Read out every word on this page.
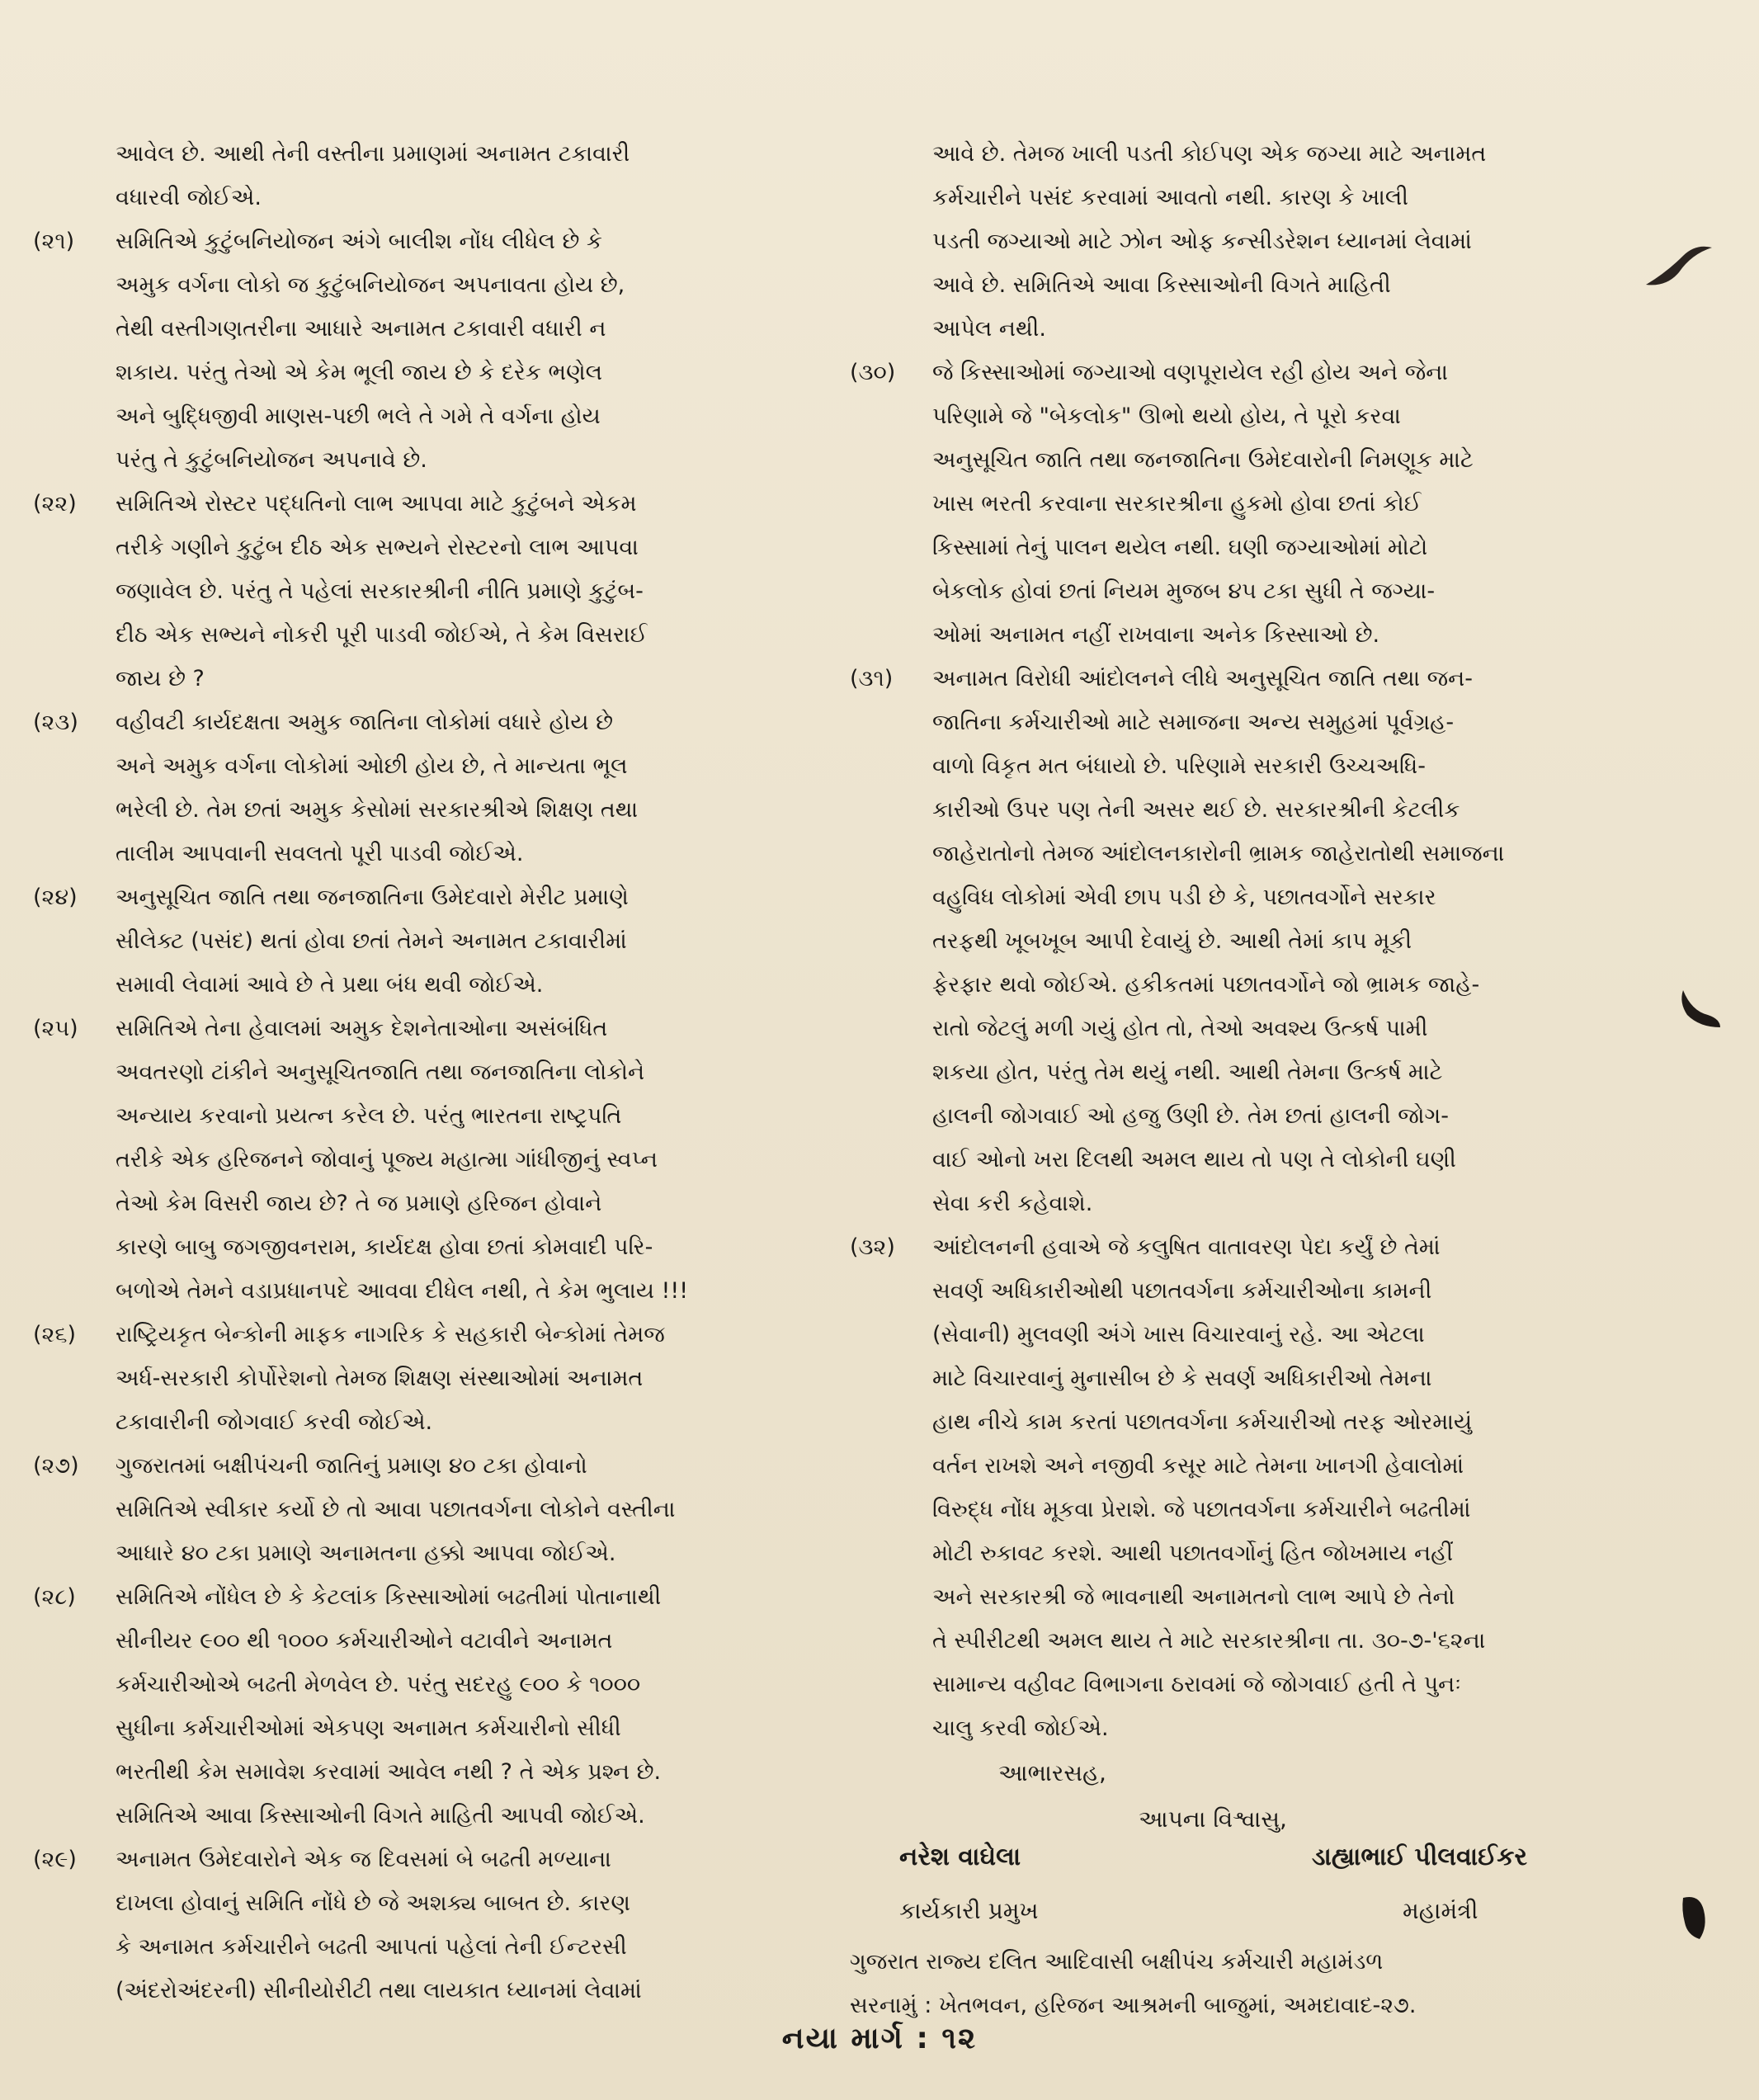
આવેલ છે. આથી તેની વસ્તીના પ્રમાણમાં અનામત ટકાવારી
વધારવી જોઈએ.
(૨૧)	સમિતિએ કુટુંબનિયોજન અંગે બાલીશ નોંધ લીધેલ છે કે
અમુક વર્ગના લોકો જ કુટુંબનિયોજન અપનાવતા હોય છે,
તેથી વસ્તીગણતરીના આધારે અનામત ટકાવારી વધારી ન
શકાય. પરંતુ તેઓ એ કેમ ભૂલી જાય છે કે દરેક ભણેલ
અને બુદ્ધિજીવી માણસ-પછી ભલે તે ગમે તે વર્ગના હોય
પરંતુ તે કુટુંબનિયોજન અપનાવે છે.
(૨૨)	સમિતિએ રોસ્ટર પદ્ધતિનો લાભ આપવા માટે કુટુંબને એકમ
તરીકે ગણીને કુટુંબ દીઠ એક સભ્યને રોસ્ટરનો લાભ આપવા
જણાવેલ છે. પરંતુ તે પહેલાં સરકારશ્રીની નીતિ પ્રમાણે કુટુંબ-
દીઠ એક સભ્યને નોકરી પૂરી પાડવી જોઈએ, તે કેમ વિસરાઈ
જાય છે ?
(૨૩)	વહીવટી કાર્યદક્ષતા અમુક જાતિના લોકોમાં વધારે હોય છે
અને અમુક વર્ગના લોકોમાં ઓછી હોય છે, તે માન્યતા ભૂલ
ભરેલી છે. તેમ છતાં અમુક કેસોમાં સરકારશ્રીએ શિક્ષણ તથા
તાલીમ આપવાની સવલતો પૂરી પાડવી જોઈએ.
(૨૪)	અનુસૂચિત જાતિ તથા જનજાતિના ઉમેદવારો મેરીટ પ્રમાણે
સીલેક્ટ (પસંદ) થતાં હોવા છતાં તેમને અનામત ટકાવારીમાં
સમાવી લેવામાં આવે છે તે પ્રથા બંધ થવી જોઈએ.
(૨૫)	સમિતિએ તેના હેવાલમાં અમુક દેશનેતાઓના અસંબંધિત
અવતરણો ટાંકીને અનુસૂચિતજાતિ તથા જનજાતિના લોકોને
અન્યાય કરવાનો પ્રયત્ન કરેલ છે. પરંતુ ભારતના રાષ્ટ્રપતિ
તરીકે એક હરિજનને જોવાનું પૂજ્ય મહાત્મા ગાંધીજીનું સ્વપ્ન
તેઓ કેમ વિસરી જાય છે? તે જ પ્રમાણે હરિજન હોવાને
કારણે બાબુ જગજીવનરામ, કાર્યદક્ષ હોવા છતાં કોમવાદી પરિ-
બળોએ તેમને વડાપ્રધાનપદે આવવા દીધેલ નથી, તે કેમ ભુલાય !!!
(૨૬)	રાષ્ટ્રિયકૃત બેન્કોની માફક નાગરિક કે સહકારી બેન્કોમાં તેમજ
અર્ધ-સરકારી કોર્પોરેશનો તેમજ શિક્ષણ સંસ્થાઓમાં અનામત
ટકાવારીની જોગવાઈ કરવી જોઈએ.
(૨૭)	ગુજરાતમાં બક્ષીપંચની જાતિનું પ્રમાણ ૪૦ ટકા હોવાનો
સમિતિએ સ્વીકાર કર્યો છે તો આવા પછાતવર્ગના લોકોને વસ્તીના
આધારે ૪૦ ટકા પ્રમાણે અનામતના હક્કો આપવા જોઈએ.
(૨૮)	સમિતિએ નોંધેલ છે કે કેટલાંક કિસ્સાઓમાં બઢતીમાં પોતાનાથી
સીનીયર ૯૦૦ થી ૧૦૦૦ કર્મચારીઓને વટાવીને અનામત
કર્મચારીઓએ બઢતી મેળવેલ છે. પરંતુ સદરહુ ૯૦૦ કે ૧૦૦૦
સુધીના કર્મચારીઓમાં એકપણ અનામત કર્મચારીનો સીધી
ભરતીથી કેમ સમાવેશ કરવામાં આવેલ નથી ? તે એક પ્રશ્ન છે.
સમિતિએ આવા કિસ્સાઓની વિગતે માહિતી આપવી જોઈએ.
(૨૯)	અનામત ઉમેદવારોને એક જ દિવસમાં બે બઢતી મળ્યાના
દાખલા હોવાનું સમિતિ નોંધે છે જે અશક્ય બાબત છે. કારણ
કે અનામત કર્મચારીને બઢતી આપતાં પહેલાં તેની ઈન્ટરસી
(અંદરોઅંદરની) સીનીયોરીટી તથા લાયકાત ધ્યાનમાં લેવામાં
આવે છે. તેમજ ખાલી પડતી કોઈપણ એક જગ્યા માટે અનામત
કર્મચારીને પસંદ કરવામાં આવતો નથી. કારણ કે ખાલી
પડતી જગ્યાઓ માટે ઝોન ઓફ કન્સીડરેશન ધ્યાનમાં લેવામાં
આવે છે. સમિતિએ આવા કિસ્સાઓની વિગતે માહિતી
આપેલ નથી.
(૩૦)	જે કિસ્સાઓમાં જગ્યાઓ વણપૂરાયેલ રહી હોય અને જેના
પરિણામે જે "બેકલોક" ઊભો થયો હોય, તે પૂરો કરવા
અનુસૂચિત જાતિ તથા જનજાતિના ઉમેદવારોની નિમણૂક માટે
ખાસ ભરતી કરવાના સરકારશ્રીના હુકમો હોવા છતાં કોઈ
કિસ્સામાં તેનું પાલન થયેલ નથી. ઘણી જગ્યાઓમાં મોટો
બેકલોક હોવાં છતાં નિયમ મુજબ ૪૫ ટકા સુધી તે જગ્યા-
ઓમાં અનામત નહીં રાખવાના અનેક કિસ્સાઓ છે.
(૩૧)	અનામત વિરોધી આંદોલનને લીધે અનુસૂચિત જાતિ તથા જન-
જાતિના કર્મચારીઓ માટે સમાજના અન્ય સમુહમાં પૂર્વગ્રહ-
વાળો વિકૃત મત બંધાયો છે. પરિણામે સરકારી ઉચ્ચઅધિ-
કારીઓ ઉપર પણ તેની અસર થઈ છે. સરકારશ્રીની કેટલીક
જાહેરાતોનો તેમજ આંદોલનકારોની ભ્રામક જાહેરાતોથી સમાજના
વહુવિધ લોકોમાં એવી છાપ પડી છે કે, પછાતવર્ગોને સરકાર
તરફથી ખૂબખૂબ આપી દેવાયું છે. આથી તેમાં કાપ મૂકી
ફેરફાર થવો જોઈએ. હકીકતમાં પછાતવર્ગોને જો ભ્રામક જાહે-
રાતો જેટલું મળી ગયું હોત તો, તેઓ અવશ્ય ઉત્કર્ષ પામી
શકયા હોત, પરંતુ તેમ થયું નથી. આથી તેમના ઉત્કર્ષ માટે
હાલની જોગવાઈ ઓ હજુ ઉણી છે. તેમ છતાં હાલની જોગ-
વાઈ ઓનો ખરા દિલથી અમલ થાય તો પણ તે લોકોની ઘણી
સેવા કરી કહેવાશે.
(૩૨)	આંદોલનની હવાએ જે કલુષિત વાતાવરણ પેદા કર્યું છે તેમાં
સવર્ણ અધિકારીઓથી પછાતવર્ગના કર્મચારીઓના કામની
(સેવાની) મુલવણી અંગે ખાસ વિચારવાનું રહે. આ એટલા
માટે વિચારવાનું મુનાસીબ છે કે સવર્ણ અધિકારીઓ તેમના
હાથ નીચે કામ કરતાં પછાતવર્ગના કર્મચારીઓ તરફ ઓરમાયું
વર્તન રાખશે અને નજીવી કસૂર માટે તેમના ખાનગી હેવાલોમાં
વિરુદ્ધ નોંધ મૂકવા પ્રેરાશે. જે પછાતવર્ગના કર્મચારીને બઢતીમાં
મોટી રુકાવટ કરશે. આથી પછાતવર્ગોનું હિત જોખમાય નહીં
અને સરકારશ્રી જે ભાવનાથી અનામતનો લાભ આપે છે તેનો
તે સ્પીરીટથી અમલ થાય તે માટે સરકારશ્રીના તા. ૩૦-૭-'૬૨ના
સામાન્ય વહીવટ વિભાગના ઠરાવમાં જે જોગવાઈ હતી તે પુનઃ
ચાલુ કરવી જોઈએ.
આભારસહ,
આપના વિશ્વાસુ,
નરેશ વાઘેલા	ડાહ્યાભાઈ પીલવાઈકર
કાર્યકારી પ્રમુખ	મહામંત્રી
ગુજરાત રાજ્ય દલિત આદિવાસી બક્ષીપંચ કર્મચારી મહામંડળ
સરનામું : ખેતભવન, હરિજન આશ્રમની બાજુમાં, અમદાવાદ-૨૭.
નયા માર્ગ : ૧૨
